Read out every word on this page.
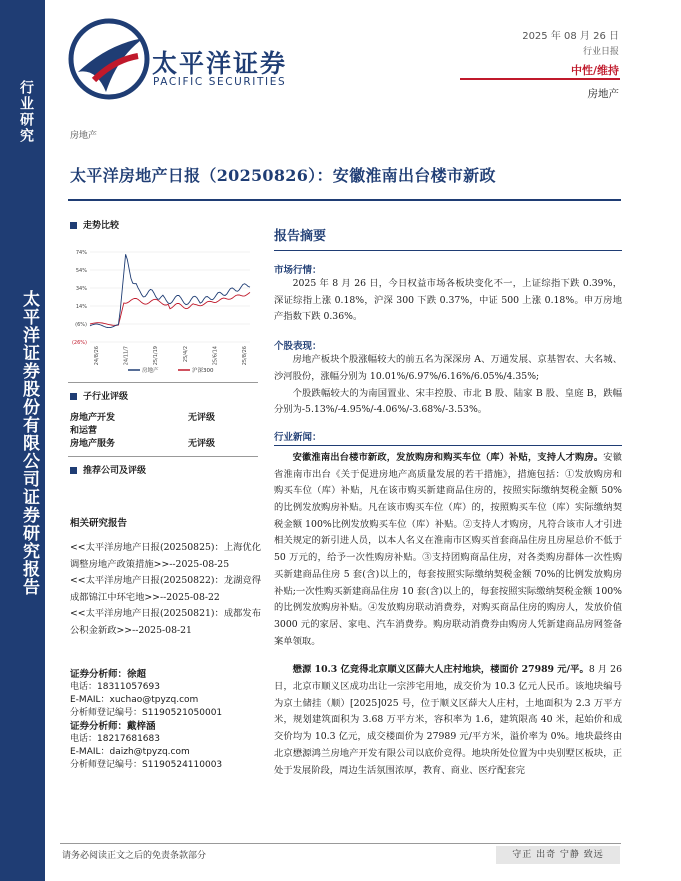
行业研究
太平洋证券股份有限公司证券研究报告
太平洋证券
PACIFIC SECURITIES
2025 年 08 月 26 日
行业日报
中性/维持
房地产
房地产
太平洋房地产日报（20250826）：安徽淮南出台楼市新政
走势比较
74%
54%
34%
14%
(6%)
(26%)
24/8/26	24/11/7	25/1/19	25/4/2	25/6/14	25/8/26
房地产	沪深300
子行业评级
房地产开发	无评级
和运营
房地产服务	无评级
推荐公司及评级
相关研究报告
<<太平洋房地产日报(20250825)：上海优化调整房地产政策措施>>--2025-08-25
<<太平洋房地产日报(20250822)：龙湖竞得成都锦江中环宅地>>--2025-08-22
<<太平洋房地产日报(20250821)：成都发布公积金新政>>--2025-08-21
证券分析师：徐超
电话：18311057693
E-MAIL：xuchao@tpyzq.com
分析师登记编号：S1190521050001
证券分析师：戴梓涵
电话：18217681683
E-MAIL：daizh@tpyzq.com
分析师登记编号：S1190524110003
报告摘要
市场行情：

2025 年 8 月 26 日，今日权益市场各板块变化不一，上证综指下跌 0.39%，深证综指上涨 0.18%，沪深 300 下跌 0.37%，中证 500 上涨 0.18%。申万房地产指数下跌 0.36%。

个股表现：

房地产板块个股涨幅较大的前五名为深深房 A、万通发展、京基智农、大名城、沙河股份，涨幅分别为 10.01%/6.97%/6.16%/6.05%/4.35%;

个股跌幅较大的为南国置业、宋丰控股、市北 B 股、陆家 B 股、皇庭 B，跌幅分别为-5.13%/-4.95%/-4.06%/-3.68%/-3.53%。

行业新闻：

安徽淮南出台楼市新政，发放购房和购买车位（库）补贴，支持人才购房。安徽省淮南市出台《关于促进房地产高质量发展的若干措施》，措施包括：①发放购房和购买车位（库）补贴，凡在该市购买新建商品住房的，按照实际缴纳契税金额 50%的比例发放购房补贴。凡在该市购买车位（库）的，按照购买车位（库）实际缴纳契税金额 100%比例发放购买车位（库）补贴。②支持人才购房，凡符合该市人才引进相关规定的新引进人员，以本人名义在淮南市区购买首套商品住房且房屋总价不低于 50 万元的，给予一次性购房补贴。③支持团购商品住房，对各类购房群体一次性购买新建商品住房 5 套(含)以上的，每套按照实际缴纳契税金额 70%的比例发放购房补贴;一次性购买新建商品住房 10 套(含)以上的，每套按照实际缴纳契税金额 100%的比例发放购房补贴。④发放购房联动消费券，对购买商品住房的购房人，发放价值 3000 元的家居、家电、汽车消费券。购房联动消费券由购房人凭新建商品房网签备案单领取。

懋源 10.3 亿竞得北京顺义区薛大人庄村地块，楼面价 27989 元/平。8 月 26 日，北京市顺义区成功出让一宗涉宅用地，成交价为 10.3 亿元人民币。该地块编号为京土储挂（顺）[2025]025 号，位于顺义区薛大人庄村，土地面积为 2.3 万平方米，规划建筑面积为 3.68 万平方米，容积率为 1.6，建筑限高 40 米，起始价和成交价均为 10.3 亿元，成交楼面价为 27989 元/平方米，溢价率为 0%。地块最终由北京懋源鸿兰房地产开发有限公司以底价竞得。地块所处位置为中央别墅区板块，正处于发展阶段，周边生活氛围浓厚，教育、商业、医疗配套完

请务必阅读正文之后的免责条款部分	守正 出奇 宁静 致远
